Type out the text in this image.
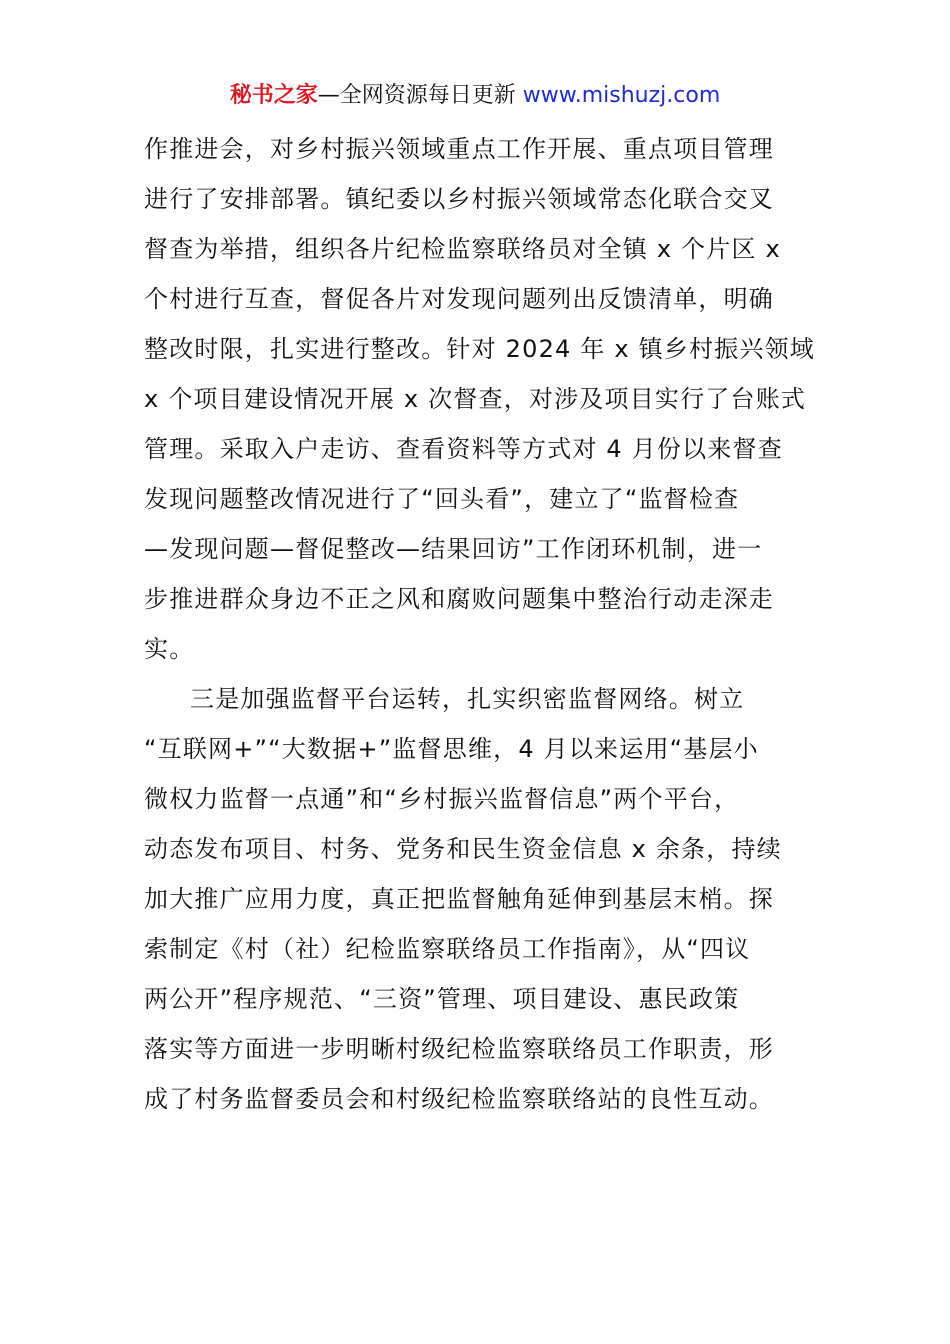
秘书之家—全网资源每日更新 www.mishuzj.com
作推进会，对乡村振兴领域重点工作开展、重点项目管理
进行了安排部署。镇纪委以乡村振兴领域常态化联合交叉
督查为举措，组织各片纪检监察联络员对全镇 x 个片区 x
个村进行互查，督促各片对发现问题列出反馈清单，明确
整改时限，扎实进行整改。针对 2024 年 x 镇乡村振兴领域
x 个项目建设情况开展 x 次督查，对涉及项目实行了台账式
管理。采取入户走访、查看资料等方式对 4 月份以来督查
发现问题整改情况进行了“回头看”，建立了“监督检查
—发现问题—督促整改—结果回访”工作闭环机制，进一
步推进群众身边不正之风和腐败问题集中整治行动走深走
实。
三是加强监督平台运转，扎实织密监督网络。树立
“互联网+”“大数据+”监督思维，4 月以来运用“基层小
微权力监督一点通”和“乡村振兴监督信息”两个平台，
动态发布项目、村务、党务和民生资金信息 x 余条，持续
加大推广应用力度，真正把监督触角延伸到基层末梢。探
索制定《村（社）纪检监察联络员工作指南》，从“四议
两公开”程序规范、“三资”管理、项目建设、惠民政策
落实等方面进一步明晰村级纪检监察联络员工作职责，形
成了村务监督委员会和村级纪检监察联络站的良性互动。
